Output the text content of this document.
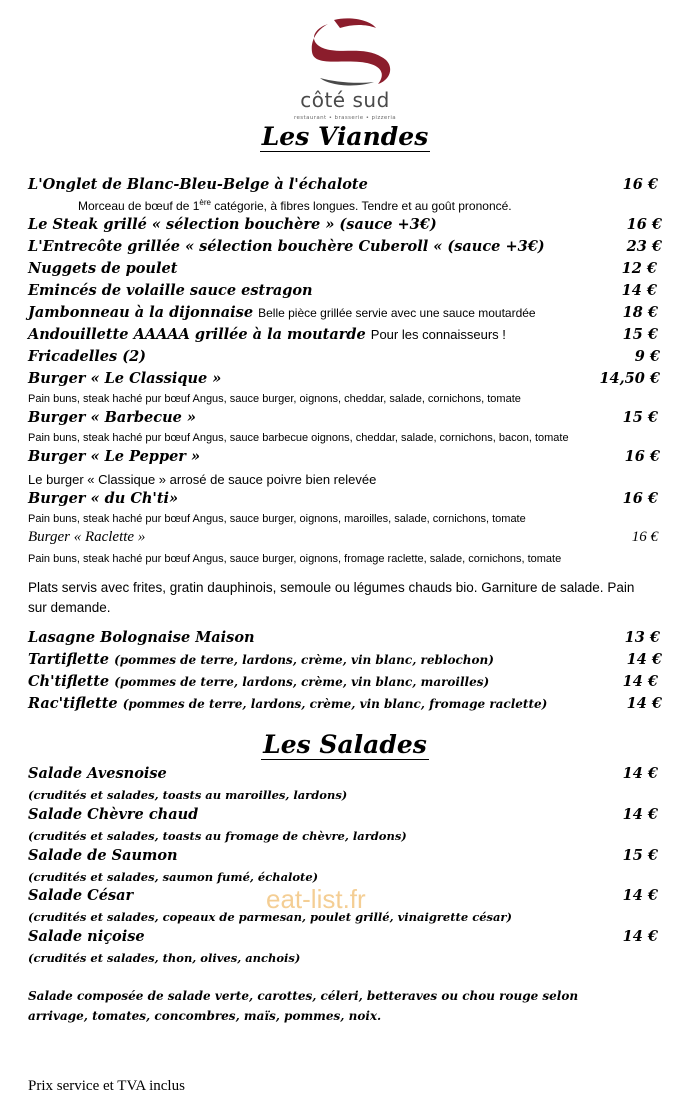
côté sud
restaurant • brasserie • pizzeria
Les Viandes
L'Onglet de Blanc-Bleu-Belge à l'échalote	16 €
Morceau de bœuf de 1ère catégorie, à fibres longues. Tendre et au goût prononcé.
Le Steak grillé « sélection bouchère » (sauce +3€)	16 €
L'Entrecôte grillée « sélection bouchère Cuberoll « (sauce +3€)	23 €
Nuggets de poulet	12 €
Emincés de volaille sauce estragon	14 €
Jambonneau à la dijonnaise Belle pièce grillée servie avec une sauce moutardée	18 €
Andouillette AAAAA grillée à la moutarde Pour les connaisseurs !	15 €
Fricadelles (2)	9 €
Burger « Le Classique »	14,50 €
Pain buns, steak haché pur bœuf Angus, sauce burger, oignons, cheddar, salade, cornichons, tomate
Burger « Barbecue »	15 €
Pain buns, steak haché pur bœuf Angus, sauce barbecue oignons, cheddar, salade, cornichons, bacon, tomate
Burger « Le Pepper »	16 €
Le burger « Classique » arrosé de sauce poivre bien relevée
Burger « du Ch'ti»	16 €
Pain buns, steak haché pur bœuf Angus, sauce burger, oignons, maroilles, salade, cornichons, tomate
Burger « Raclette »	16 €
Pain buns, steak haché pur bœuf Angus, sauce burger, oignons, fromage raclette, salade, cornichons, tomate
Plats servis avec frites, gratin dauphinois, semoule ou légumes chauds bio. Garniture de salade. Pain sur demande.
Lasagne Bolognaise Maison	13 €
Tartiflette (pommes de terre, lardons, crème, vin blanc, reblochon)	14 €
Ch'tiflette (pommes de terre, lardons, crème, vin blanc, maroilles)	14 €
Rac'tiflette (pommes de terre, lardons, crème, vin blanc, fromage raclette)	14 €
Les Salades
Salade Avesnoise	14 €
(crudités et salades, toasts au maroilles, lardons)
Salade Chèvre chaud	14 €
(crudités et salades, toasts au fromage de chèvre, lardons)
Salade de Saumon	15 €
(crudités et salades, saumon fumé, échalote)
Salade César	14 €
(crudités et salades, copeaux de parmesan, poulet grillé, vinaigrette césar)
Salade niçoise	14 €
(crudités et salades, thon, olives, anchois)
Salade composée de salade verte, carottes, céleri, betteraves ou chou rouge selon arrivage, tomates, concombres, maïs, pommes, noix.
eat-list.fr
Prix service et TVA inclus
